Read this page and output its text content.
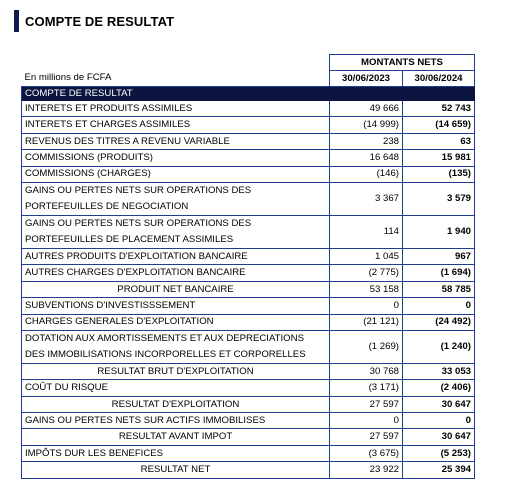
COMPTE DE RESULTAT
	MONTANTS NETS	
En millions de FCFA	30/06/2023	30/06/2024
COMPTE DE RESULTAT		
INTERETS ET PRODUITS ASSIMILES	49 666	52 743
INTERETS ET CHARGES ASSIMILES	(14 999)	(14 659)
REVENUS DES TITRES A REVENU VARIABLE	238	63
COMMISSIONS (PRODUITS)	16 648	15 981
COMMISSIONS (CHARGES)	(146)	(135)
GAINS OU PERTES NETS SUR OPERATIONS DES PORTEFEUILLES DE NEGOCIATION	3 367	3 579
GAINS OU PERTES NETS SUR OPERATIONS DES PORTEFEUILLES DE PLACEMENT ASSIMILES	114	1 940
AUTRES PRODUITS D'EXPLOITATION BANCAIRE	1 045	967
AUTRES CHARGES D'EXPLOITATION BANCAIRE	(2 775)	(1 694)
PRODUIT NET BANCAIRE	53 158	58 785
SUBVENTIONS D'INVESTISSSEMENT	0	0
CHARGES GENERALES D'EXPLOITATION	(21 121)	(24 492)
DOTATION AUX AMORTISSEMENTS ET AUX DEPRECIATIONS DES IMMOBILISATIONS INCORPORELLES ET CORPORELLES	(1 269)	(1 240)
RESULTAT BRUT D'EXPLOITATION	30 768	33 053
COÛT DU RISQUE	(3 171)	(2 406)
RESULTAT D'EXPLOITATION	27 597	30 647
GAINS OU PERTES NETS SUR ACTIFS IMMOBILISES	0	0
RESULTAT AVANT IMPOT	27 597	30 647
IMPÔTS DUR LES BENEFICES	(3 675)	(5 253)
RESULTAT NET	23 922	25 394
